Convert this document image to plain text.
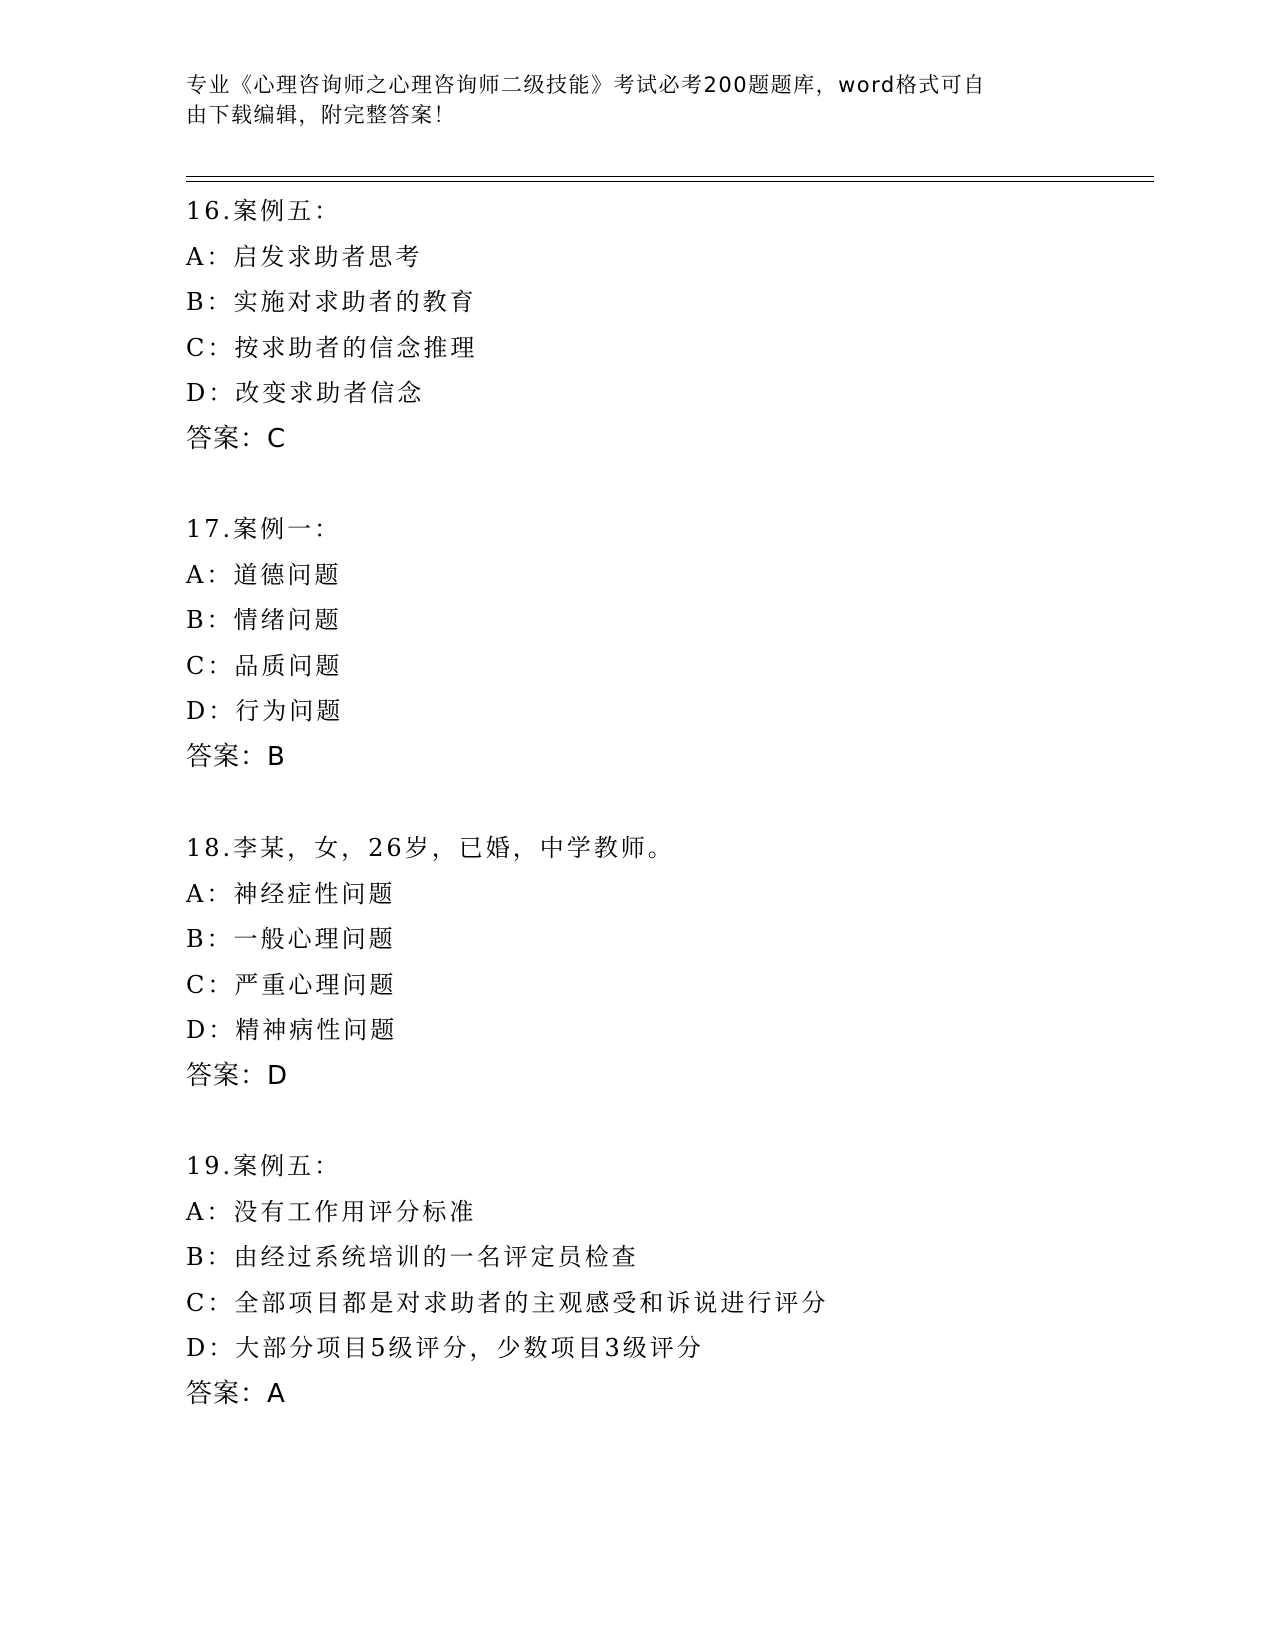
专业《心理咨询师之心理咨询师二级技能》考试必考200题题库，word格式可自
由下载编辑，附完整答案！
16.案例五：
A：启发求助者思考
B：实施对求助者的教育
C：按求助者的信念推理
D：改变求助者信念
答案：C
17.案例一：
A：道德问题
B：情绪问题
C：品质问题
D：行为问题
答案：B
18.李某，女，26岁，已婚，中学教师。
A：神经症性问题
B：一般心理问题
C：严重心理问题
D：精神病性问题
答案：D
19.案例五：
A：没有工作用评分标准
B：由经过系统培训的一名评定员检查
C：全部项目都是对求助者的主观感受和诉说进行评分
D：大部分项目5级评分，少数项目3级评分
答案：A
